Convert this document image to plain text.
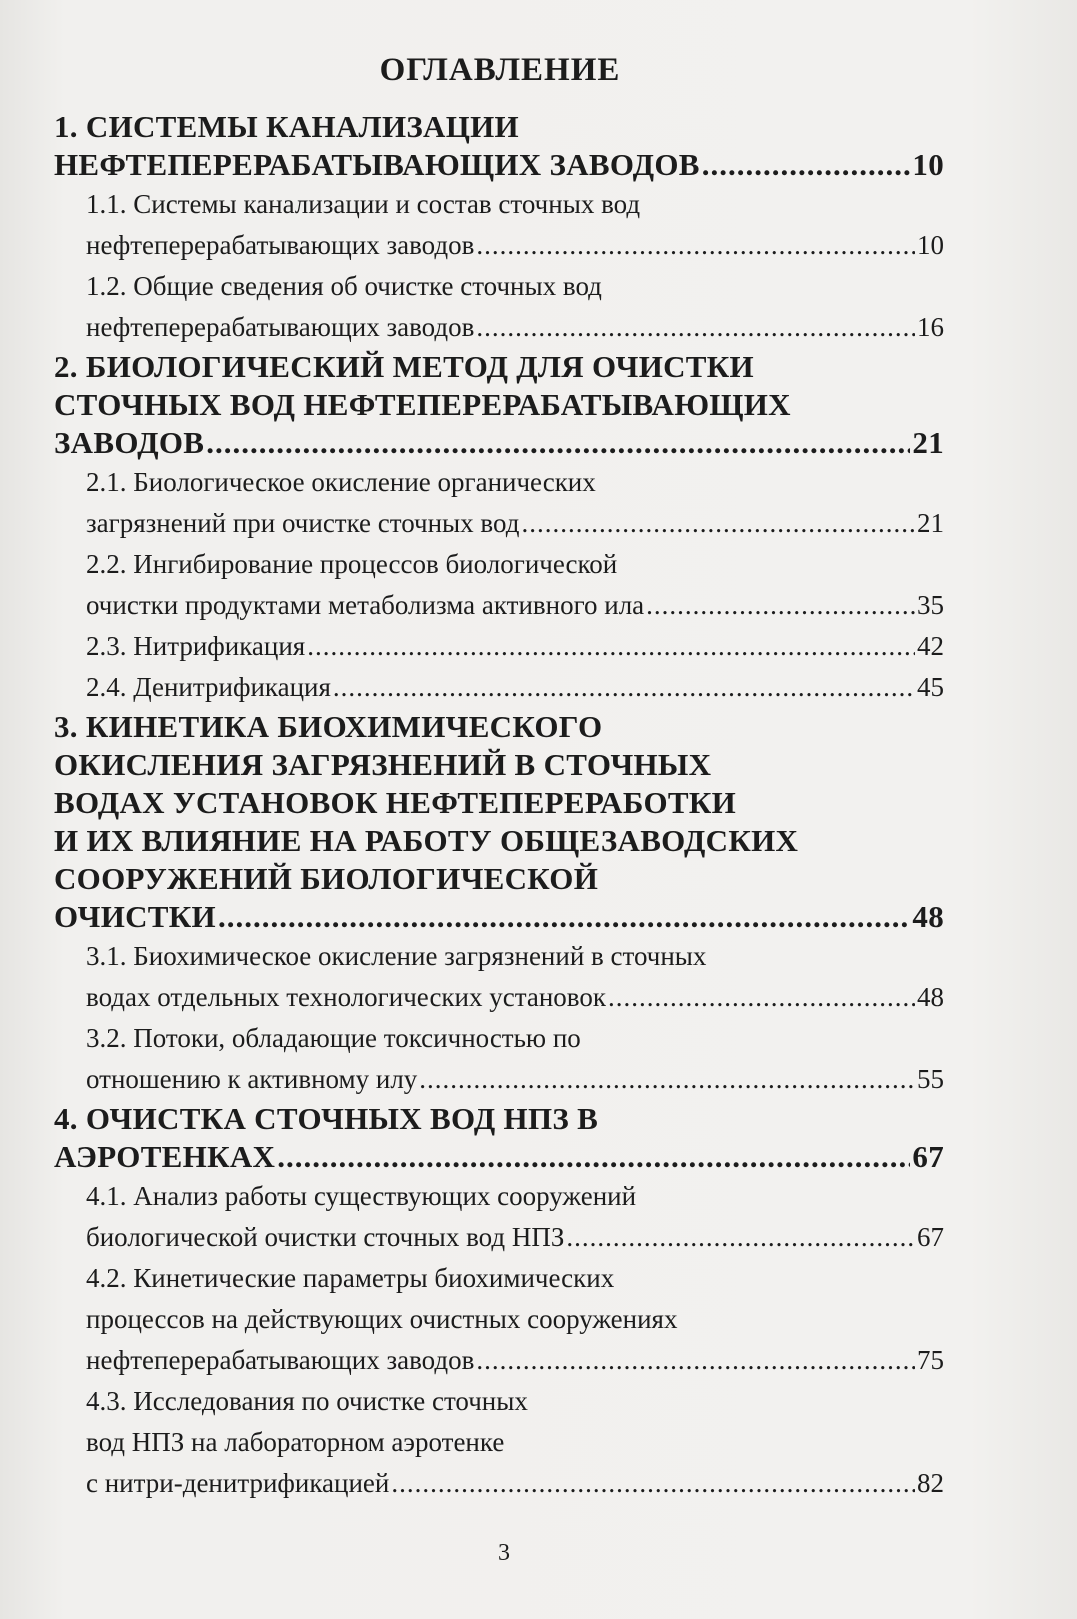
ОГЛАВЛЕНИЕ
1. СИСТЕМЫ КАНАЛИЗАЦИИ
НЕФТЕПЕРЕРАБАТЫВАЮЩИХ ЗАВОДОВ .....	10
1.1. Системы канализации и состав сточных вод
нефтеперерабатывающих заводов .....	10
1.2. Общие сведения об очистке сточных вод
нефтеперерабатывающих заводов .....	16
2. БИОЛОГИЧЕСКИЙ МЕТОД ДЛЯ ОЧИСТКИ
СТОЧНЫХ ВОД НЕФТЕПЕРЕРАБАТЫВАЮЩИХ
ЗАВОДОВ .....	21
2.1. Биологическое окисление органических
загрязнений при очистке сточных вод .....	21
2.2. Ингибирование процессов биологической
очистки продуктами метаболизма активного ила .....	35
2.3. Нитрификация .....	42
2.4. Денитрификация .....	45
3. КИНЕТИКА БИОХИМИЧЕСКОГО
ОКИСЛЕНИЯ ЗАГРЯЗНЕНИЙ В СТОЧНЫХ
ВОДАХ УСТАНОВОК НЕФТЕПЕРЕРАБОТКИ
И ИХ ВЛИЯНИЕ НА РАБОТУ ОБЩЕЗАВОДСКИХ
СООРУЖЕНИЙ БИОЛОГИЧЕСКОЙ
ОЧИСТКИ .....	48
3.1. Биохимическое окисление загрязнений в сточных
водах отдельных технологических установок .....	48
3.2. Потоки, обладающие токсичностью по
отношению к активному илу .....	55
4. ОЧИСТКА СТОЧНЫХ ВОД НПЗ В
АЭРОТЕНКАХ .....	67
4.1. Анализ работы существующих сооружений
биологической очистки сточных вод НПЗ .....	67
4.2. Кинетические параметры биохимических
процессов на действующих очистных сооружениях
нефтеперерабатывающих заводов .....	75
4.3. Исследования по очистке сточных
вод НПЗ на лабораторном аэротенке
с нитри-денитрификацией .....	82
3
